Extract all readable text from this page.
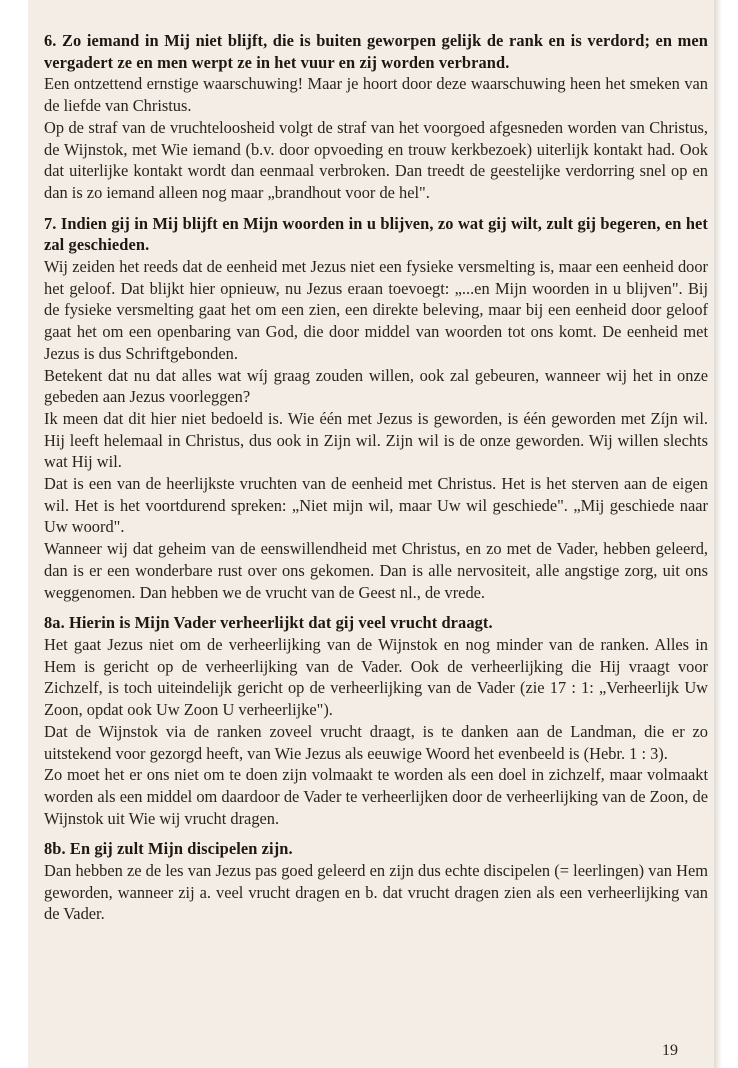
6. Zo iemand in Mij niet blijft, die is buiten geworpen gelijk de rank en is verdord; en men vergadert ze en men werpt ze in het vuur en zij worden verbrand.

Een ontzettend ernstige waarschuwing! Maar je hoort door deze waarschuwing heen het smeken van de liefde van Christus.

Op de straf van de vruchteloosheid volgt de straf van het voorgoed afgesneden worden van Christus, de Wijnstok, met Wie iemand (b.v. door opvoeding en trouw kerkbezoek) uiterlijk kontakt had. Ook dat uiterlijke kontakt wordt dan eenmaal verbroken. Dan treedt de geestelijke verdorring snel op en dan is zo iemand alleen nog maar „brandhout voor de hel".

7. Indien gij in Mij blijft en Mijn woorden in u blijven, zo wat gij wilt, zult gij begeren, en het zal geschieden.

Wij zeiden het reeds dat de eenheid met Jezus niet een fysieke versmelting is, maar een eenheid door het geloof. Dat blijkt hier opnieuw, nu Jezus eraan toevoegt: „...en Mijn woorden in u blijven". Bij de fysieke versmelting gaat het om een zien, een direkte beleving, maar bij een eenheid door geloof gaat het om een openbaring van God, die door middel van woorden tot ons komt. De eenheid met Jezus is dus Schriftgebonden.

Betekent dat nu dat alles wat wíj graag zouden willen, ook zal gebeuren, wanneer wij het in onze gebeden aan Jezus voorleggen?

Ik meen dat dit hier niet bedoeld is. Wie één met Jezus is geworden, is één geworden met Zíjn wil. Hij leeft helemaal in Christus, dus ook in Zijn wil. Zijn wil is de onze geworden. Wij willen slechts wat Hij wil.

Dat is een van de heerlijkste vruchten van de eenheid met Christus. Het is het sterven aan de eigen wil. Het is het voortdurend spreken: „Niet mijn wil, maar Uw wil geschiede". „Mij geschiede naar Uw woord".

Wanneer wij dat geheim van de eenswillendheid met Christus, en zo met de Vader, hebben geleerd, dan is er een wonderbare rust over ons gekomen. Dan is alle nervositeit, alle angstige zorg, uit ons weggenomen. Dan hebben we de vrucht van de Geest nl., de vrede.

8a. Hierin is Mijn Vader verheerlijkt dat gij veel vrucht draagt.

Het gaat Jezus niet om de verheerlijking van de Wijnstok en nog minder van de ranken. Alles in Hem is gericht op de verheerlijking van de Vader. Ook de verheerlijking die Hij vraagt voor Zichzelf, is toch uiteindelijk gericht op de verheerlijking van de Vader (zie 17 : 1: „Verheerlijk Uw Zoon, opdat ook Uw Zoon U verheerlijke").

Dat de Wijnstok via de ranken zoveel vrucht draagt, is te danken aan de Landman, die er zo uitstekend voor gezorgd heeft, van Wie Jezus als eeuwige Woord het evenbeeld is (Hebr. 1 : 3).

Zo moet het er ons niet om te doen zijn volmaakt te worden als een doel in zichzelf, maar volmaakt worden als een middel om daardoor de Vader te verheerlijken door de verheerlijking van de Zoon, de Wijnstok uit Wie wij vrucht dragen.

8b. En gij zult Mijn discipelen zijn.

Dan hebben ze de les van Jezus pas goed geleerd en zijn dus echte discipelen (= leerlingen) van Hem geworden, wanneer zij a. veel vrucht dragen en b. dat vrucht dragen zien als een verheerlijking van de Vader.

19
